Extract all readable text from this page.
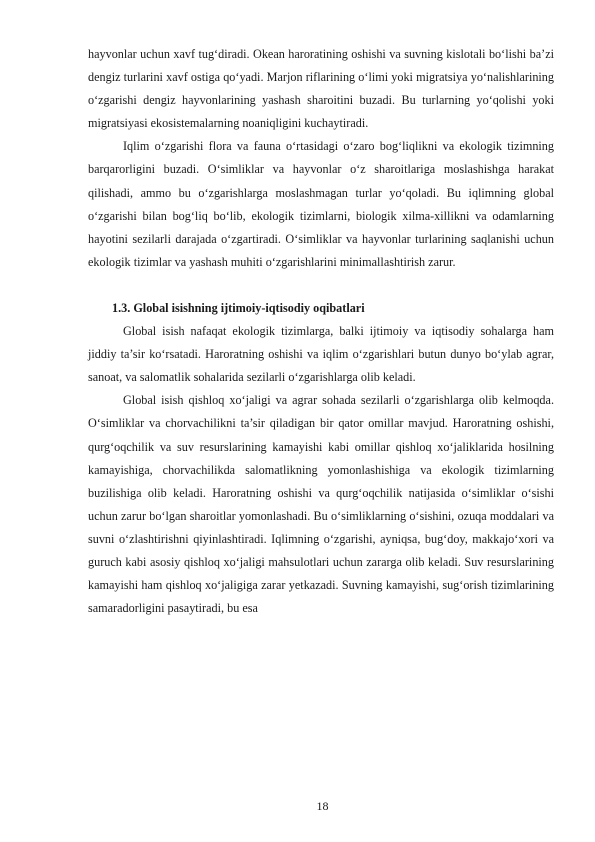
hayvonlar uchun xavf tug‘diradi. Okean haroratining oshishi va suvning kislotali bo‘lishi ba’zi dengiz turlarini xavf ostiga qo‘yadi. Marjon riflarining o‘limi yoki migratsiya yo‘nalishlarining o‘zgarishi dengiz hayvonlarining yashash sharoitini buzadi. Bu turlarning yo‘qolishi yoki migratsiyasi ekosistemalarning noaniqligini kuchaytiradi.

Iqlim o‘zgarishi flora va fauna o‘rtasidagi o‘zaro bog‘liqlikni va ekologik tizimning barqarorligini buzadi. O‘simliklar va hayvonlar o‘z sharoitlariga moslashishga harakat qilishadi, ammo bu o‘zgarishlarga moslashmagan turlar yo‘qoladi. Bu iqlimning global o‘zgarishi bilan bog‘liq bo‘lib, ekologik tizimlarni, biologik xilma-xillikni va odamlarning hayotini sezilarli darajada o‘zgartiradi. O‘simliklar va hayvonlar turlarining saqlanishi uchun ekologik tizimlar va yashash muhiti o‘zgarishlarini minimallashtirish zarur.

1.3. Global isishning ijtimoiy-iqtisodiy oqibatlari

Global isish nafaqat ekologik tizimlarga, balki ijtimoiy va iqtisodiy sohalarga ham jiddiy ta’sir ko‘rsatadi. Haroratning oshishi va iqlim o‘zgarishlari butun dunyo bo‘ylab agrar, sanoat, va salomatlik sohalarida sezilarli o‘zgarishlarga olib keladi.

Global isish qishloq xo‘jaligi va agrar sohada sezilarli o‘zgarishlarga olib kelmoqda. O‘simliklar va chorvachilikni ta’sir qiladigan bir qator omillar mavjud. Haroratning oshishi, qurg‘oqchilik va suv resurslarining kamayishi kabi omillar qishloq xo‘jaliklarida hosilning kamayishiga, chorvachilikda salomatlikning yomonlashishiga va ekologik tizimlarning buzilishiga olib keladi. Haroratning oshishi va qurg‘oqchilik natijasida o‘simliklar o‘sishi uchun zarur bo‘lgan sharoitlar yomonlashadi. Bu o‘simliklarning o‘sishini, ozuqa moddalari va suvni o‘zlashtirishni qiyinlashtiradi. Iqlimning o‘zgarishi, ayniqsa, bug‘doy, makkajo‘xori va guruch kabi asosiy qishloq xo‘jaligi mahsulotlari uchun zararga olib keladi. Suv resurslarining kamayishi ham qishloq xo‘jaligiga zarar yetkazadi. Suvning kamayishi, sug‘orish tizimlarining samaradorligini pasaytiradi, bu esa

18
